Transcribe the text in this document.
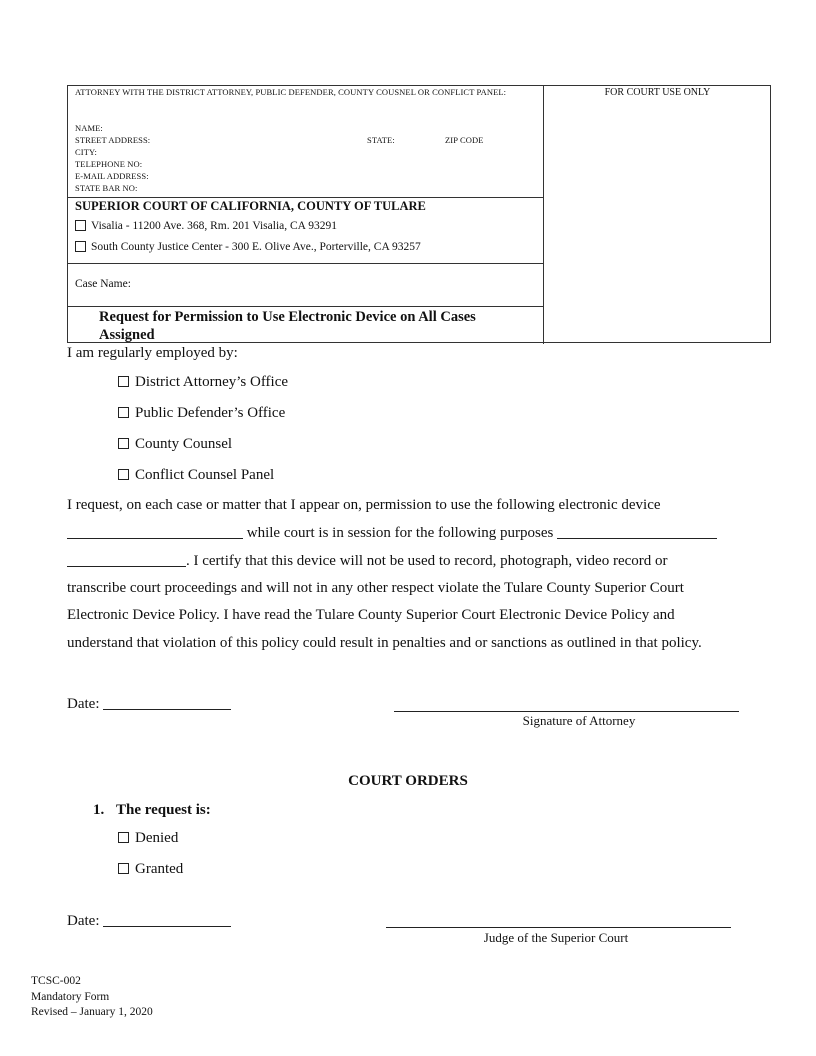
ATTORNEY WITH THE DISTRICT ATTORNEY, PUBLIC DEFENDER, COUNTY COUSNEL OR CONFLICT PANEL:
NAME:
STREET ADDRESS:	STATE:	ZIP CODE
CITY:
TELEPHONE NO:
E-MAIL ADDRESS:
STATE BAR NO:
FOR COURT USE ONLY
SUPERIOR COURT OF CALIFORNIA, COUNTY OF TULARE
Visalia - 11200 Ave. 368, Rm. 201 Visalia, CA 93291
South County Justice Center - 300 E. Olive Ave., Porterville, CA 93257
Case Name:
Request for Permission to Use Electronic Device on All Cases
Assigned
I am regularly employed by:
District Attorney’s Office
Public Defender’s Office
County Counsel
Conflict Counsel Panel
I request, on each case or matter that I appear on, permission to use the following electronic device
while court is in session for the following purposes
. I certify that this device will not be used to record, photograph, video record or
transcribe court proceedings and will not in any other respect violate the Tulare County Superior Court
Electronic Device Policy. I have read the Tulare County Superior Court Electronic Device Policy and
understand that violation of this policy could result in penalties and or sanctions as outlined in that policy.
Date:
Signature of Attorney
COURT ORDERS
1. The request is:
Denied
Granted
Date:
Judge of the Superior Court
TCSC-002
Mandatory Form
Revised – January 1, 2020
